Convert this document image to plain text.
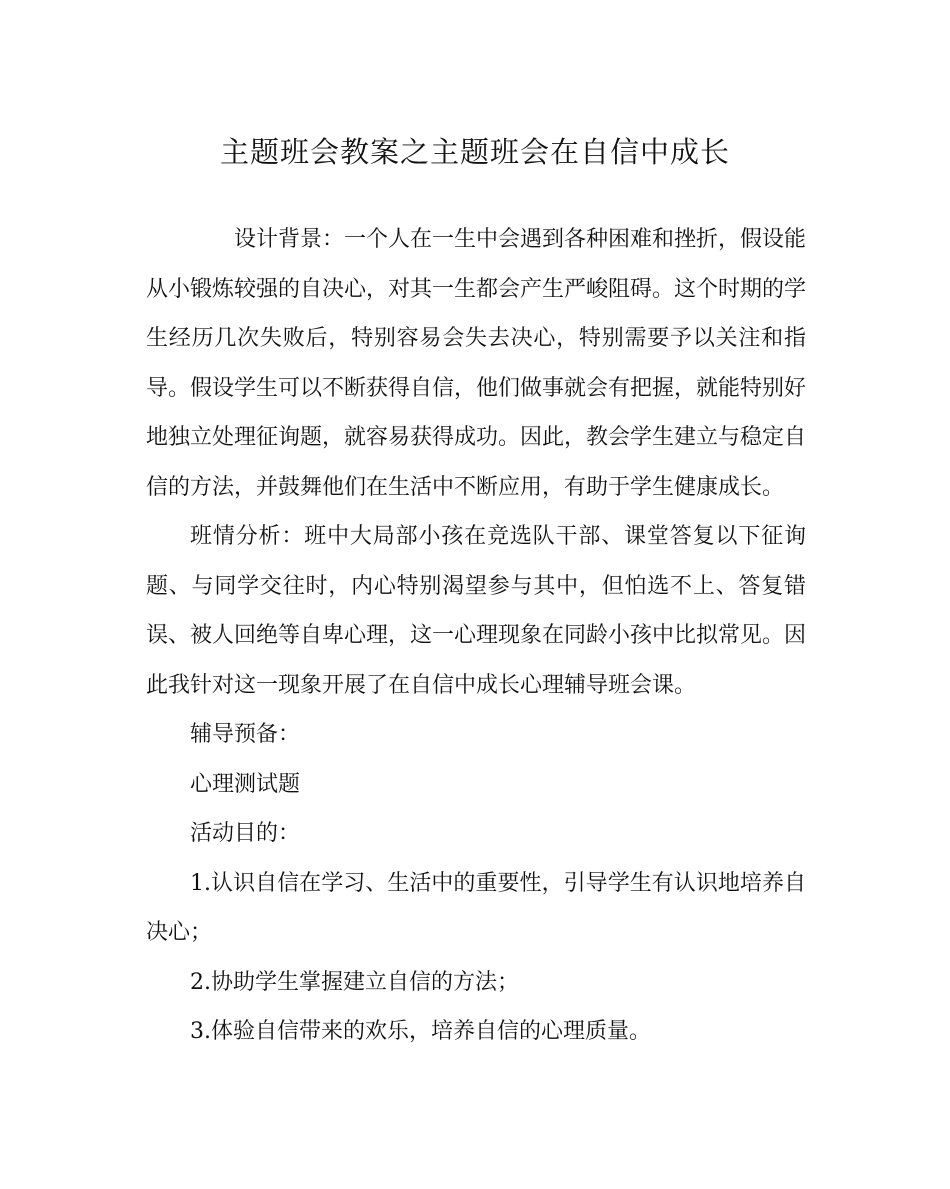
主题班会教案之主题班会在自信中成长

设计背景：一个人在一生中会遇到各种困难和挫折，假设能从小锻炼较强的自决心，对其一生都会产生严峻阻碍。这个时期的学生经历几次失败后，特别容易会失去决心，特别需要予以关注和指导。假设学生可以不断获得自信，他们做事就会有把握，就能特别好地独立处理征询题，就容易获得成功。因此，教会学生建立与稳定自信的方法，并鼓舞他们在生活中不断应用，有助于学生健康成长。

班情分析：班中大局部小孩在竞选队干部、课堂答复以下征询题、与同学交往时，内心特别渴望参与其中，但怕选不上、答复错误、被人回绝等自卑心理，这一心理现象在同龄小孩中比拟常见。因此我针对这一现象开展了在自信中成长心理辅导班会课。

辅导预备：

心理测试题

活动目的：

1.认识自信在学习、生活中的重要性，引导学生有认识地培养自决心；

2.协助学生掌握建立自信的方法；

3.体验自信带来的欢乐，培养自信的心理质量。
